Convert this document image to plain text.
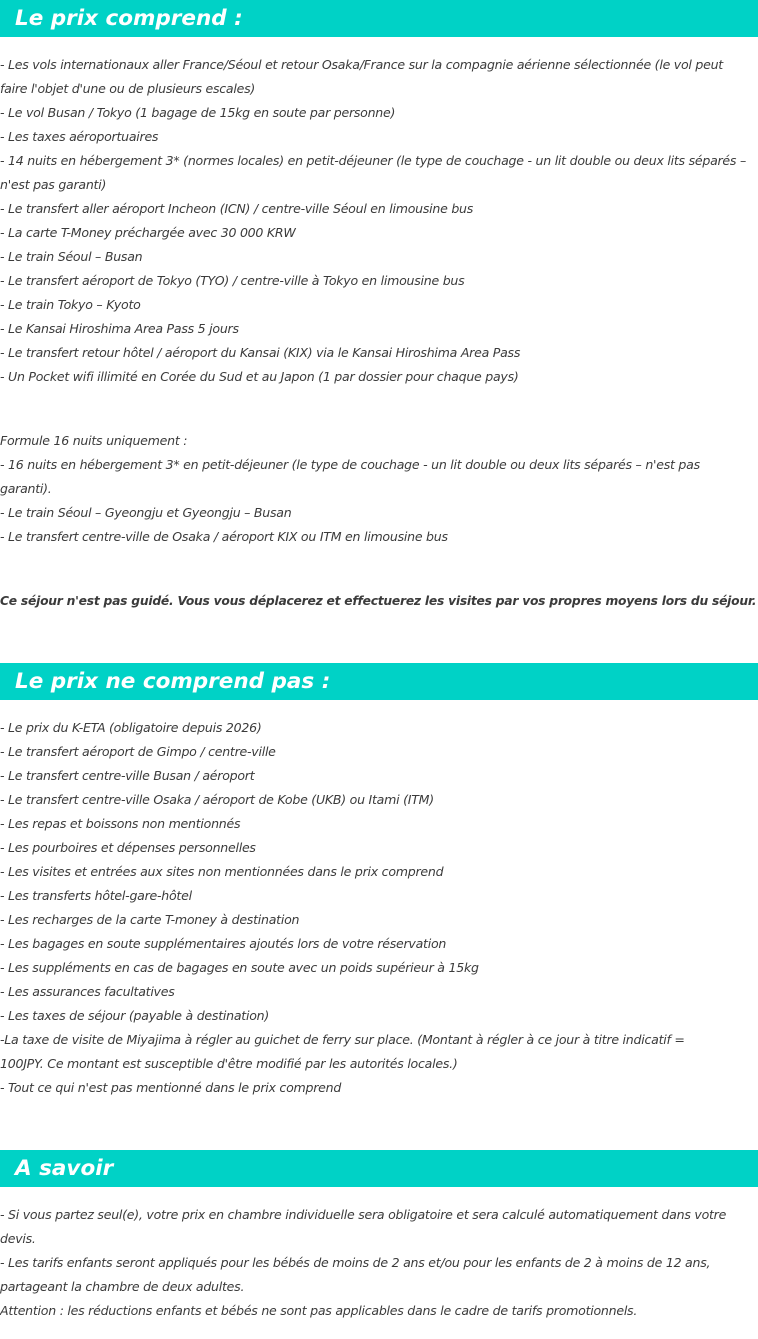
Le prix comprend :
- Les vols internationaux aller France/Séoul et retour Osaka/France sur la compagnie aérienne sélectionnée (le vol peut
faire l'objet d'une ou de plusieurs escales)
- Le vol Busan / Tokyo (1 bagage de 15kg en soute par personne)
- Les taxes aéroportuaires
- 14 nuits en hébergement 3* (normes locales) en petit-déjeuner (le type de couchage - un lit double ou deux lits séparés –
n'est pas garanti)
- Le transfert aller aéroport Incheon (ICN) / centre-ville Séoul en limousine bus
- La carte T-Money préchargée avec 30 000 KRW
- Le train Séoul – Busan
- Le transfert aéroport de Tokyo (TYO) / centre-ville à Tokyo en limousine bus
- Le train Tokyo – Kyoto
- Le Kansai Hiroshima Area Pass 5 jours
- Le transfert retour hôtel / aéroport du Kansai (KIX) via le Kansai Hiroshima Area Pass
- Un Pocket wifi illimité en Corée du Sud et au Japon (1 par dossier pour chaque pays)
Formule 16 nuits uniquement :
- 16 nuits en hébergement 3* en petit-déjeuner (le type de couchage - un lit double ou deux lits séparés – n'est pas
garanti).
- Le train Séoul – Gyeongju et Gyeongju – Busan
- Le transfert centre-ville de Osaka / aéroport KIX ou ITM en limousine bus
Ce séjour n'est pas guidé. Vous vous déplacerez et effectuerez les visites par vos propres moyens lors du séjour.
Le prix ne comprend pas :
- Le prix du K-ETA (obligatoire depuis 2026)
- Le transfert aéroport de Gimpo / centre-ville
- Le transfert centre-ville Busan / aéroport
- Le transfert centre-ville Osaka / aéroport de Kobe (UKB) ou Itami (ITM)
- Les repas et boissons non mentionnés
- Les pourboires et dépenses personnelles
- Les visites et entrées aux sites non mentionnées dans le prix comprend
- Les transferts hôtel-gare-hôtel
- Les recharges de la carte T-money à destination
- Les bagages en soute supplémentaires ajoutés lors de votre réservation
- Les suppléments en cas de bagages en soute avec un poids supérieur à 15kg
- Les assurances facultatives
- Les taxes de séjour (payable à destination)
-La taxe de visite de Miyajima à régler au guichet de ferry sur place. (Montant à régler à ce jour à titre indicatif =
100JPY. Ce montant est susceptible d'être modifié par les autorités locales.)
- Tout ce qui n'est pas mentionné dans le prix comprend
A savoir
- Si vous partez seul(e), votre prix en chambre individuelle sera obligatoire et sera calculé automatiquement dans votre
devis.
- Les tarifs enfants seront appliqués pour les bébés de moins de 2 ans et/ou pour les enfants de 2 à moins de 12 ans,
partageant la chambre de deux adultes.
Attention : les réductions enfants et bébés ne sont pas applicables dans le cadre de tarifs promotionnels.
